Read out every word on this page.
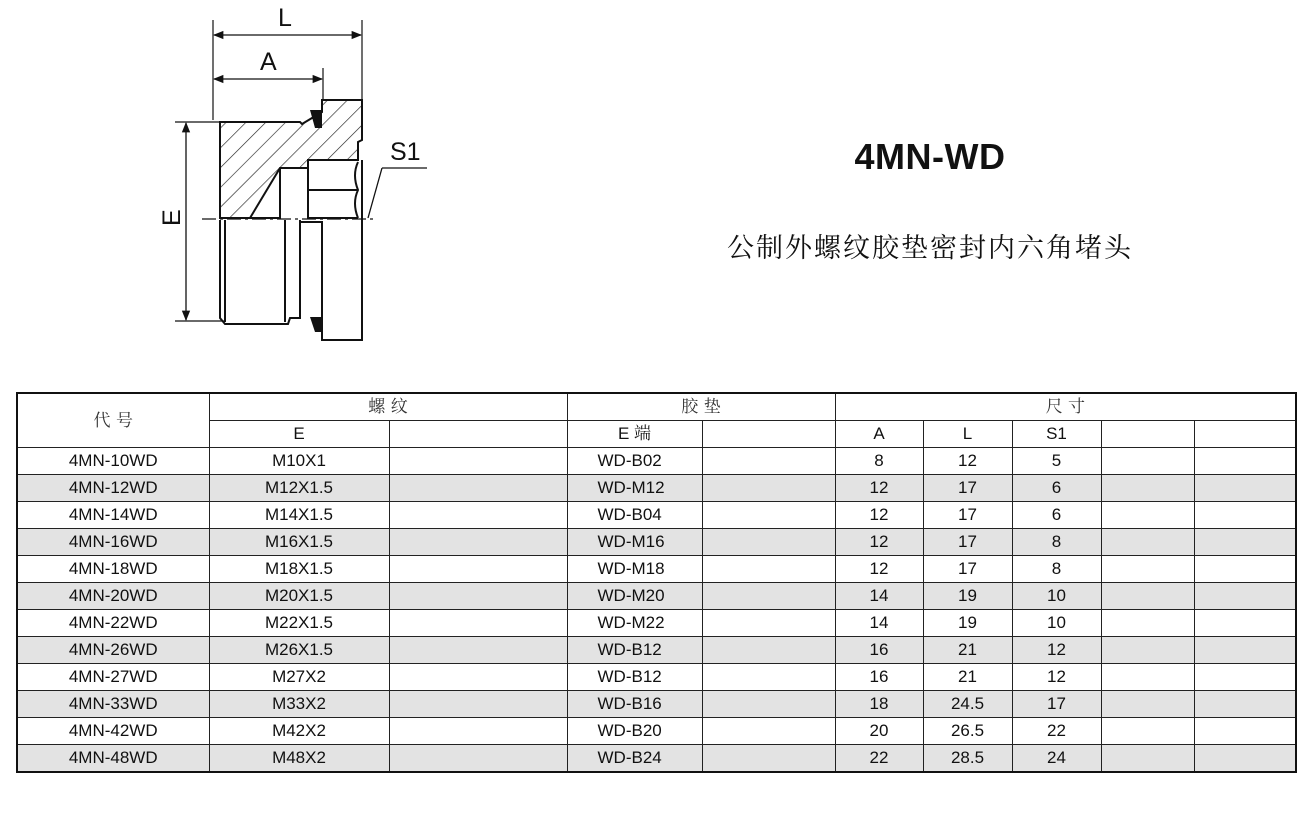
L
A
S1
E
4MN-WD
公制外螺纹胶垫密封内六角堵头
代 号	螺 纹		胶 垫		尺 寸				
	E		E 端		A	L	S1		
4MN-10WD	M10X1		WD-B02		8	12	5		
4MN-12WD	M12X1.5		WD-M12		12	17	6		
4MN-14WD	M14X1.5		WD-B04		12	17	6		
4MN-16WD	M16X1.5		WD-M16		12	17	8		
4MN-18WD	M18X1.5		WD-M18		12	17	8		
4MN-20WD	M20X1.5		WD-M20		14	19	10		
4MN-22WD	M22X1.5		WD-M22		14	19	10		
4MN-26WD	M26X1.5		WD-B12		16	21	12		
4MN-27WD	M27X2		WD-B12		16	21	12		
4MN-33WD	M33X2		WD-B16		18	24.5	17		
4MN-42WD	M42X2		WD-B20		20	26.5	22		
4MN-48WD	M48X2		WD-B24		22	28.5	24		
